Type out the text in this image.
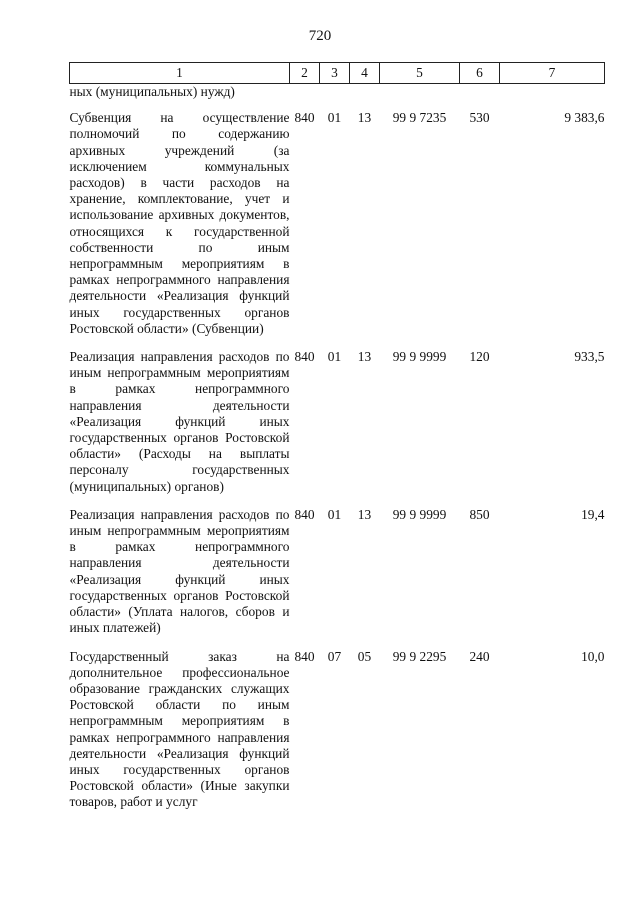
720
1	2	3	4	5	6	7
ных (муниципальных) нужд)						
Субвенция на осуществление полномочий по содержанию архивных учреждений (за исключением коммунальных расходов) в части расходов на хранение, комплектование, учет и использование архивных документов, относящихся к государственной собственности по иным непрограммным мероприятиям в рамках непрограммного направления деятельности «Реализация функций иных государственных органов Ростовской области» (Субвенции)	840	01	13	99 9 7235	530	9 383,6
Реализация направления расходов по иным непрограммным мероприятиям в рамках непрограммного направления деятельности «Реализация функций иных государственных органов Ростовской области» (Расходы на выплаты персоналу государственных (муниципальных) органов)	840	01	13	99 9 9999	120	933,5
Реализация направления расходов по иным непрограммным мероприятиям в рамках непрограммного направления деятельности «Реализация функций иных государственных органов Ростовской области» (Уплата налогов, сборов и иных платежей)	840	01	13	99 9 9999	850	19,4
Государственный заказ на дополнительное профессиональное образование гражданских служащих Ростовской области по иным непрограммным мероприятиям в рамках непрограммного направления деятельности «Реализация функций иных государственных органов Ростовской области» (Иные закупки товаров, работ и услуг	840	07	05	99 9 2295	240	10,0
